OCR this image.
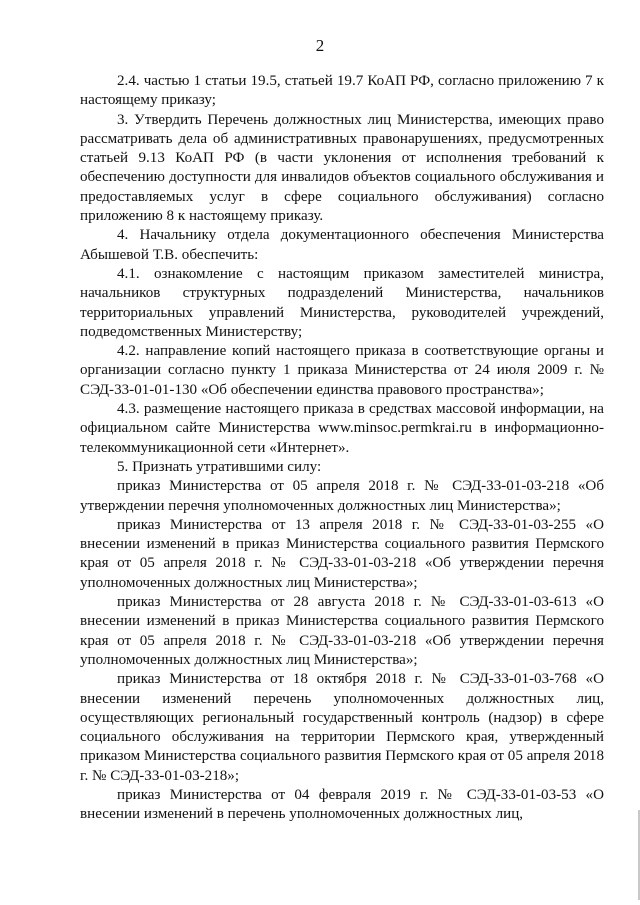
2

2.4. частью 1 статьи 19.5, статьей 19.7 КоАП РФ, согласно приложению 7 к настоящему приказу;

3. Утвердить Перечень должностных лиц Министерства, имеющих право рассматривать дела об административных правонарушениях, предусмотренных статьей 9.13 КоАП РФ (в части уклонения от исполнения требований к обеспечению доступности для инвалидов объектов социального обслуживания и предоставляемых услуг в сфере социального обслуживания) согласно приложению 8 к настоящему приказу.

4. Начальнику отдела документационного обеспечения Министерства Абышевой Т.В. обеспечить:

4.1. ознакомление с настоящим приказом заместителей министра, начальников структурных подразделений Министерства, начальников территориальных управлений Министерства, руководителей учреждений, подведомственных Министерству;

4.2. направление копий настоящего приказа в соответствующие органы и организации согласно пункту 1 приказа Министерства от 24 июля 2009 г. № СЭД-33-01-01-130 «Об обеспечении единства правового пространства»;

4.3. размещение настоящего приказа в средствах массовой информации, на официальном сайте Министерства www.minsoc.permkrai.ru в информационно-телекоммуникационной сети «Интернет».

5. Признать утратившими силу:

приказ Министерства от 05 апреля 2018 г. № СЭД-33-01-03-218 «Об утверждении перечня уполномоченных должностных лиц Министерства»;

приказ Министерства от 13 апреля 2018 г. № СЭД-33-01-03-255 «О внесении изменений в приказ Министерства социального развития Пермского края от 05 апреля 2018 г. № СЭД-33-01-03-218 «Об утверждении перечня уполномоченных должностных лиц Министерства»;

приказ Министерства от 28 августа 2018 г. № СЭД-33-01-03-613 «О внесении изменений в приказ Министерства социального развития Пермского края от 05 апреля 2018 г. № СЭД-33-01-03-218 «Об утверждении перечня уполномоченных должностных лиц Министерства»;

приказ Министерства от 18 октября 2018 г. № СЭД-33-01-03-768 «О внесении изменений перечень уполномоченных должностных лиц, осуществляющих региональный государственный контроль (надзор) в сфере социального обслуживания на территории Пермского края, утвержденный приказом Министерства социального развития Пермского края от 05 апреля 2018 г. № СЭД-33-01-03-218»;

приказ Министерства от 04 февраля 2019 г. № СЭД-33-01-03-53 «О внесении изменений в перечень уполномоченных должностных лиц,
